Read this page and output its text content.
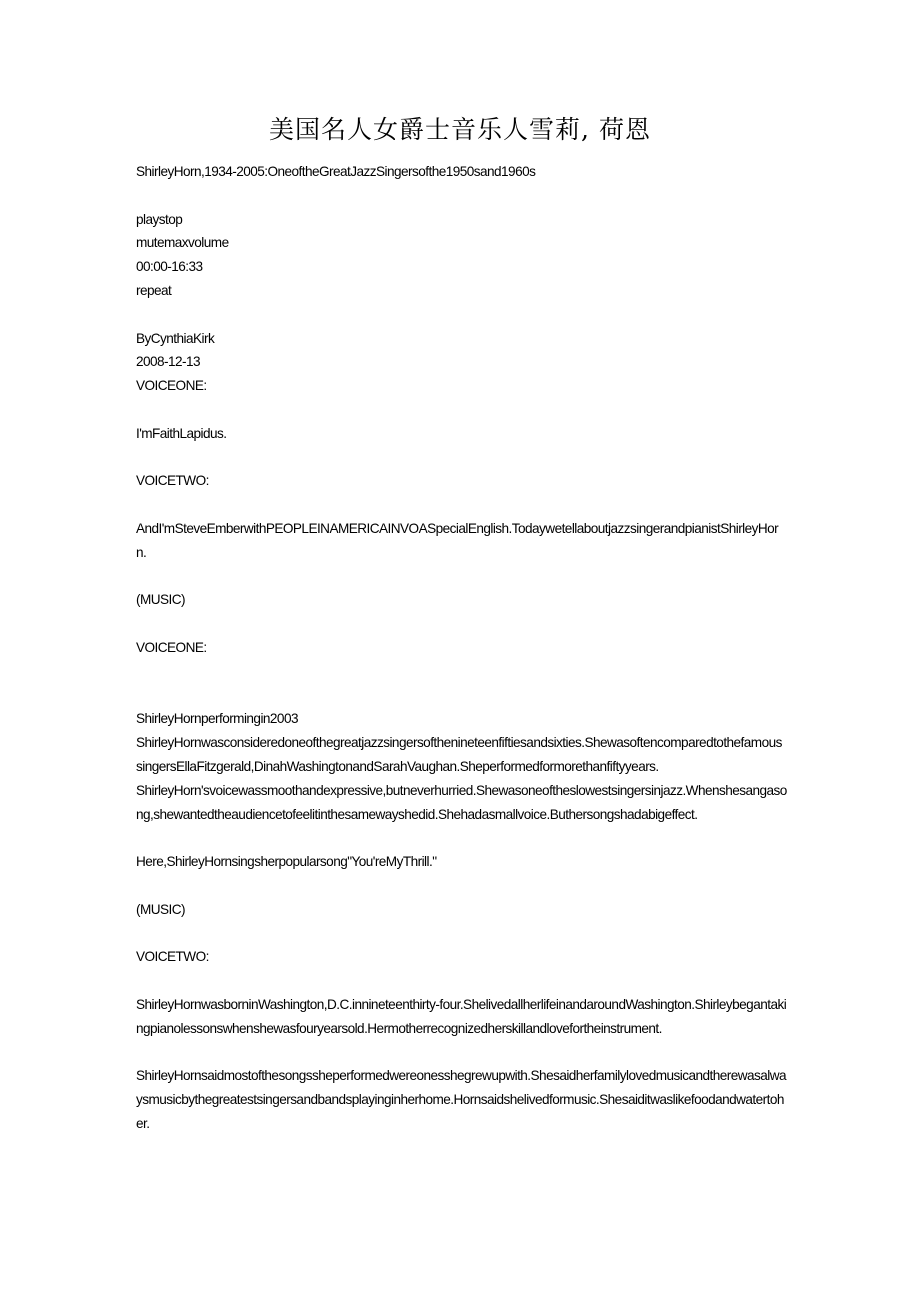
美国名人女爵士音乐人雪莉, 荷恩

ShirleyHorn,1934-2005:OneoftheGreatJazzSingersofthe1950sand1960s

playstop

mutemaxvolume

00:00-16:33

repeat

ByCynthiaKirk

2008-12-13

VOICEONE:

I'mFaithLapidus.

VOICETWO:

AndI'mSteveEmberwithPEOPLEINAMERICAINVOASpecialEnglish.TodaywetellaboutjazzsingerandpianistShirleyHorn.

(MUSIC)

VOICEONE:

ShirleyHornperformingin2003

ShirleyHornwasconsideredoneofthegreatjazzsingersofthenineteenfiftiesandsixties.ShewasoftencomparedtothefamoussingersEllaFitzgerald,DinahWashingtonandSarahVaughan.Sheperformedformorethanfiftyyears.

ShirleyHorn'svoicewassmoothandexpressive,butneverhurried.Shewasoneoftheslowestsingersinjazz.Whenshesangasong,shewantedtheaudiencetofeelitinthesamewayshedid.Shehadasmallvoice.Buthersongshadabigeffect.

Here,ShirleyHornsingsherpopularsong"You'reMyThrill."

(MUSIC)

VOICETWO:

ShirleyHornwasborninWashington,D.C.innineteenthirty-four.ShelivedallherlifeinandaroundWashington.Shirleybegantakingpianolessonswhenshewasfouryearsold.Hermotherrecognizedherskillandlovefortheinstrument.

ShirleyHornsaidmostofthesongssheperformedwereonesshegrewupwith.Shesaidherfamilylovedmusicandtherewasalwaysmusicbythegreatestsingersandbandsplayinginherhome.Hornsaidshelivedformusic.Shesaiditwaslikefoodandwatertoher.
